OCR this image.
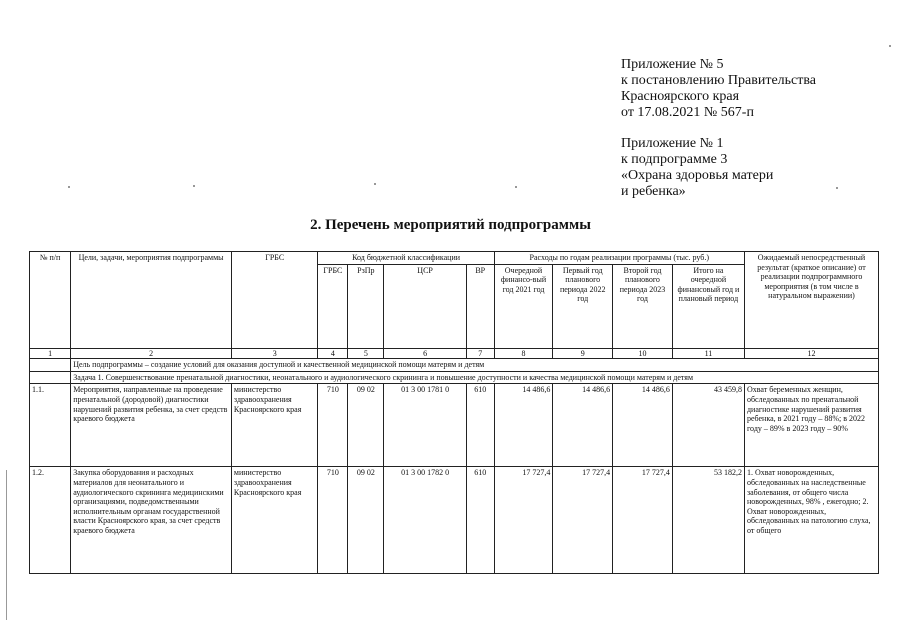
Приложение № 5
к постановлению Правительства
Красноярского края
от 17.08.2021 № 567-п
Приложение № 1
к подпрограмме 3
«Охрана здоровья матери
и ребенка»
2. Перечень мероприятий подпрограммы
№ п/п	Цели, задачи, мероприятия подпрограммы	ГРБС	Код бюджетной классификации				Расходы по годам реализации программы (тыс. руб.)				Ожидаемый непосредственный результат (краткое описание) от реализации подпрограммного мероприятия (в том числе в натуральном выражении)
			ГРБС	РзПр	ЦСР	ВР	Очередной финансо-вый год 2021 год	Первый год планового периода 2022 год	Второй год планового периода 2023 год	Итого на очередной финансовый год и плановый период	
1	2	3	4	5	6	7	8	9	10	11	12
	Цель подпрограммы – создание условий для оказания доступной и качественной медицинской помощи матерям и детям										
	Задача 1. Совершенствование пренатальной диагностики, неонатального и аудиологического скрининга и повышение доступности и качества медицинской помощи матерям и детям										
1.1.	Мероприятия, направленные на проведение пренатальной (дородовой) диагностики нарушений развития ребенка, за счет средств краевого бюджета	министерство здравоохранения Красноярского края	710	09 02	01 3 00 1781 0	610	14 486,6	14 486,6	14 486,6	43 459,8	Охват беременных женщин, обследованных по пренатальной диагностике нарушений развития ребенка, в 2021 году – 88%; в 2022 году – 89% в 2023 году – 90%
1.2.	Закупка оборудования и расходных материалов для неонатального и аудиологического скрининга медицинскими организациями, подведомственными исполнительным органам государственной власти Красноярского края, за счет средств краевого бюджета	министерство здравоохранения Красноярского края	710	09 02	01 3 00 1782 0	610	17 727,4	17 727,4	17 727,4	53 182,2	1. Охват новорожденных, обследованных на наследственные заболевания, от общего числа новорожденных, 98% , ежегодно; 2. Охват новорожденных, обследованных на патологию слуха, от общего
